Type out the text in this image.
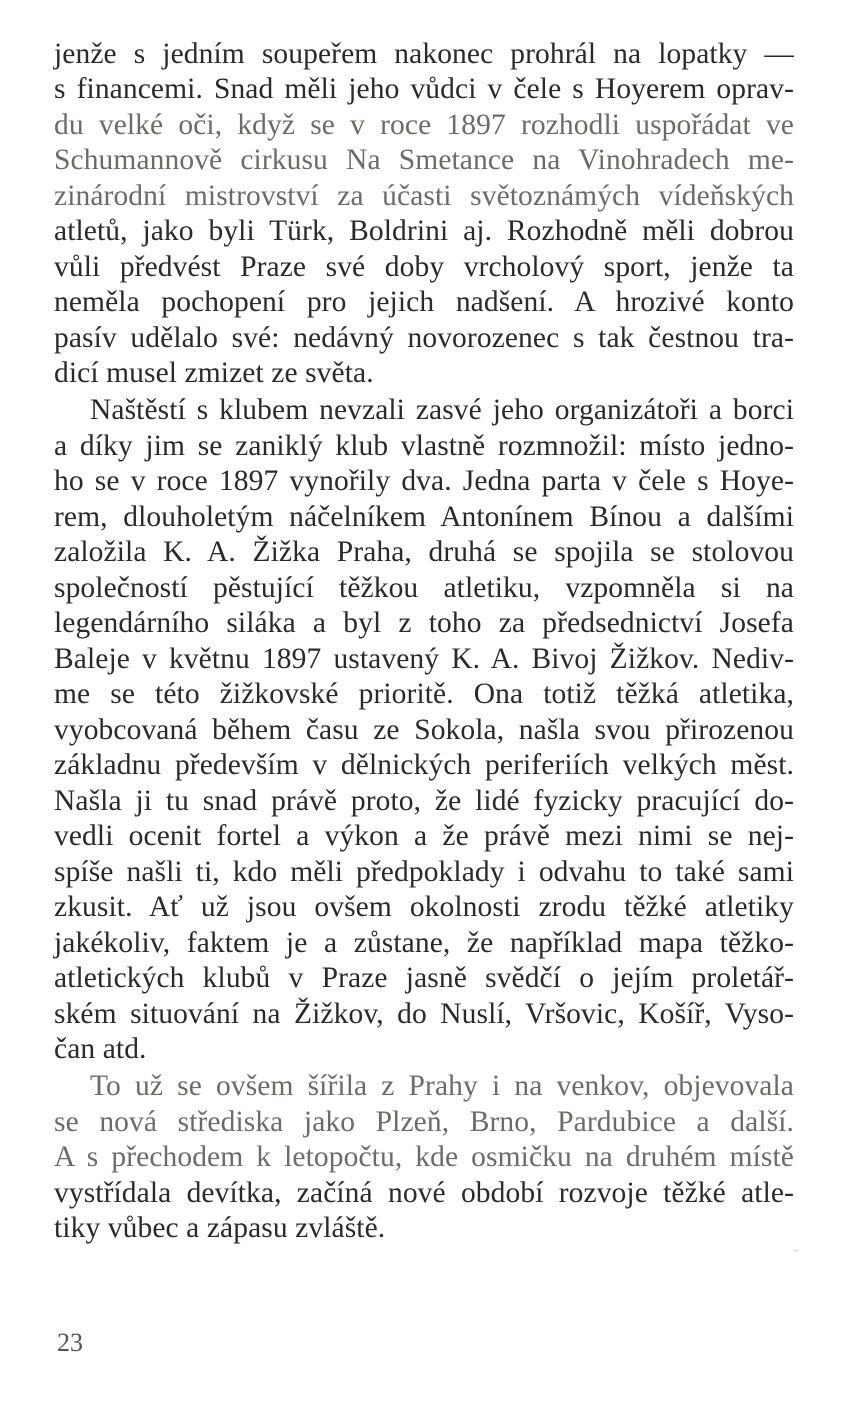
jenže s jedním soupeřem nakonec prohrál na lopatky —
s financemi. Snad měli jeho vůdci v čele s Hoyerem oprav-
du velké oči, když se v roce 1897 rozhodli uspořádat ve
Schumannově cirkusu Na Smetance na Vinohradech me-
zinárodní mistrovství za účasti světoznámých vídeňských
atletů, jako byli Türk, Boldrini aj. Rozhodně měli dobrou
vůli předvést Praze své doby vrcholový sport, jenže ta
neměla pochopení pro jejich nadšení. A hrozivé konto
pasív udělalo své: nedávný novorozenec s tak čestnou tra-
dicí musel zmizet ze světa.
Naštěstí s klubem nevzali zasvé jeho organizátoři a borci
a díky jim se zaniklý klub vlastně rozmnožil: místo jedno-
ho se v roce 1897 vynořily dva. Jedna parta v čele s Hoye-
rem, dlouholetým náčelníkem Antonínem Bínou a dalšími
založila K. A. Žižka Praha, druhá se spojila se stolovou
společností pěstující těžkou atletiku, vzpomněla si na
legendárního siláka a byl z toho za předsednictví Josefa
Baleje v květnu 1897 ustavený K. A. Bivoj Žižkov. Nediv-
me se této žižkovské prioritě. Ona totiž těžká atletika,
vyobcovaná během času ze Sokola, našla svou přirozenou
základnu především v dělnických periferiích velkých měst.
Našla ji tu snad právě proto, že lidé fyzicky pracující do-
vedli ocenit fortel a výkon a že právě mezi nimi se nej-
spíše našli ti, kdo měli předpoklady i odvahu to také sami
zkusit. Ať už jsou ovšem okolnosti zrodu těžké atletiky
jakékoliv, faktem je a zůstane, že například mapa těžko-
atletických klubů v Praze jasně svědčí o jejím proletář-
ském situování na Žižkov, do Nuslí, Vršovic, Košíř, Vyso-
čan atd.
To už se ovšem šířila z Prahy i na venkov, objevovala
se nová střediska jako Plzeň, Brno, Pardubice a další.
A s přechodem k letopočtu, kde osmičku na druhém místě
vystřídala devítka, začíná nové období rozvoje těžké atle-
tiky vůbec a zápasu zvláště.
23
